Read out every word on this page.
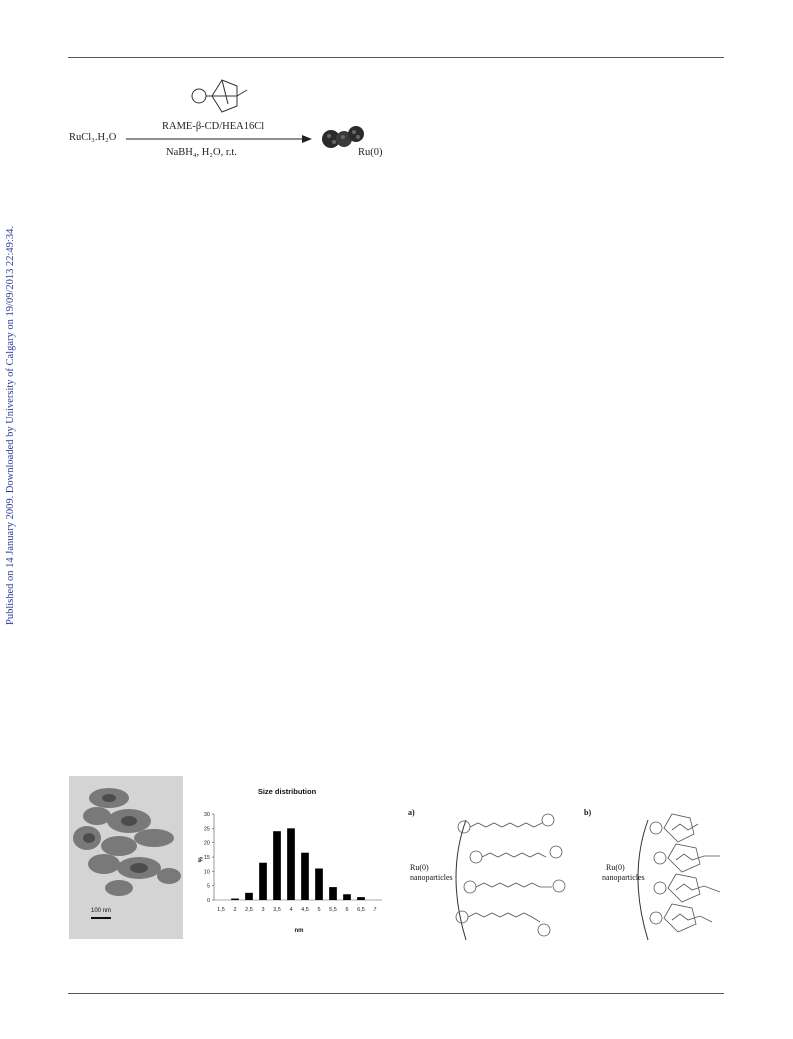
Published on 14 January 2009. Downloaded by University of Calgary on 19/09/2013 22:49:34.
RAME-β-CD/HEA16Cl
RuCl₃.H₂O
NaBH₄, H₂O, r.t.	Ru(0)
100 nm
Size distribution
%
nm
0
5
10
15
20
25
30
1,5 2 2,5 3 3,5 4 4,5 5 5,5 6 6,5 7
a)
Ru(0)
nanoparticles
b)
Ru(0)
nanoparticles
